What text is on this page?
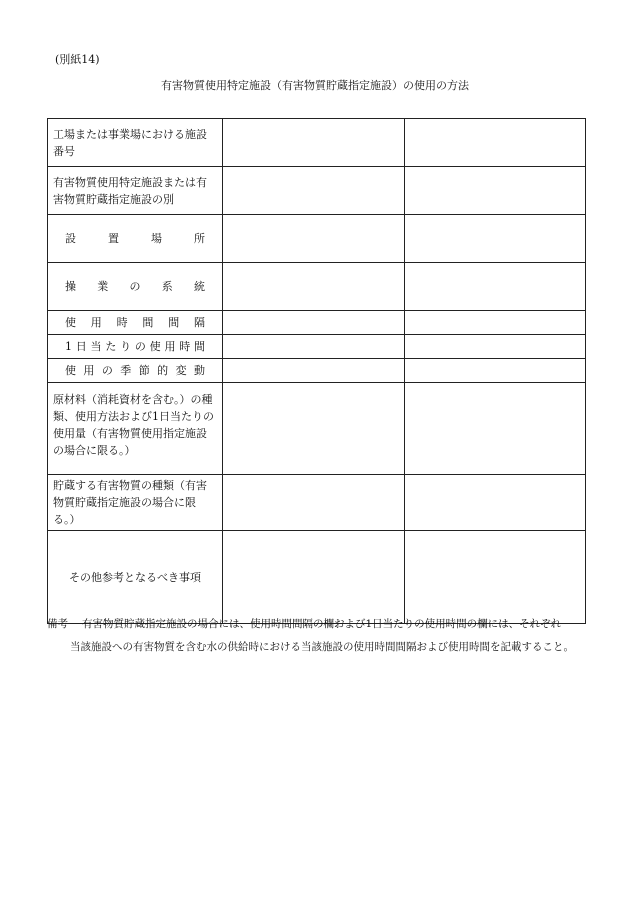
(別紙14)
有害物質使用特定施設（有害物質貯蔵指定施設）の使用の方法
工場または事業場における施設番号		
有害物質使用特定施設または有害物質貯蔵指定施設の別		

設置場所		

操業の系統		

使用時間間隔		

1日当たりの使用時間		

使用の季節的変動		

原材料（消耗資材を含む。）の種類、使用方法および1日当たりの使用量（有害物質使用指定施設の場合に限る。）		
貯蔵する有害物質の種類（有害物質貯蔵指定施設の場合に限る。）		

その他参考となるべき事項		

備考 有害物質貯蔵指定施設の場合には、使用時間間隔の欄および1日当たりの使用時間の欄には、それぞれ
当該施設への有害物質を含む水の供給時における当該施設の使用時間間隔および使用時間を記載すること。
